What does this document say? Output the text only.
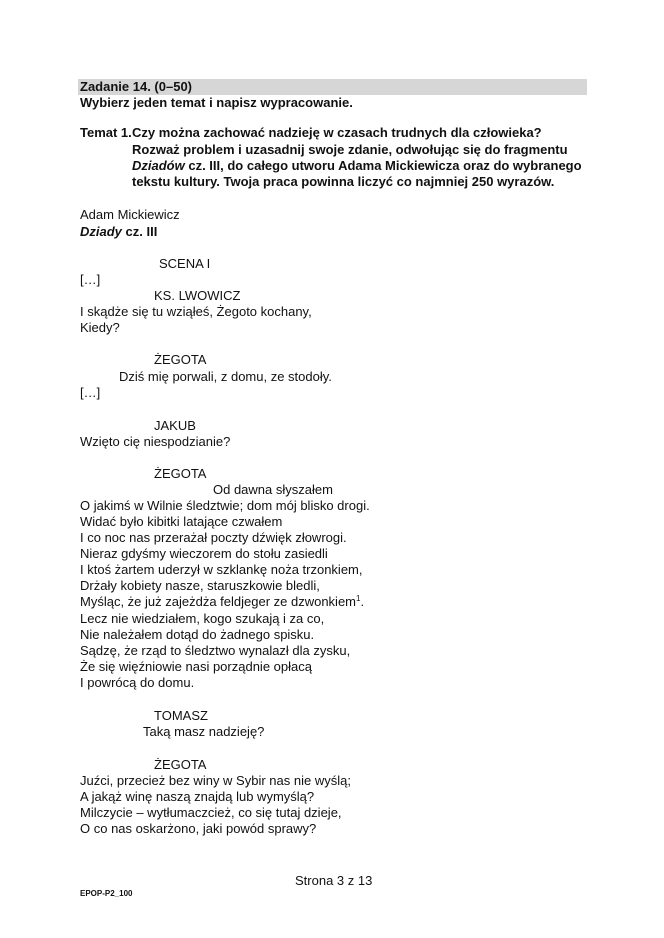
Zadanie 14. (0–50)
Wybierz jeden temat i napisz wypracowanie.
Temat 1. Czy można zachować nadzieję w czasach trudnych dla człowieka?
Rozważ problem i uzasadnij swoje zdanie, odwołując się do fragmentu
Dziadów cz. III, do całego utworu Adama Mickiewicza oraz do wybranego
tekstu kultury. Twoja praca powinna liczyć co najmniej 250 wyrazów.
Adam Mickiewicz
Dziady cz. III
SCENA I
[…]
KS. LWOWICZ
I skądże się tu wziąłeś, Żegoto kochany,
Kiedy?
ŻEGOTA
Dziś mię porwali, z domu, ze stodoły.
[…]
JAKUB
Wzięto cię niespodzianie?
ŻEGOTA
Od dawna słyszałem
O jakimś w Wilnie śledztwie; dom mój blisko drogi.
Widać było kibitki latające czwałem
I co noc nas przerażał poczty dźwięk złowrogi.
Nieraz gdyśmy wieczorem do stołu zasiedli
I ktoś żartem uderzył w szklankę noża trzonkiem,
Drżały kobiety nasze, staruszkowie bledli,
Myśląc, że już zajeżdża feldjeger ze dzwonkiem$^1$.
Lecz nie wiedziałem, kogo szukają i za co,
Nie należałem dotąd do żadnego spisku.
Sądzę, że rząd to śledztwo wynalazł dla zysku,
Że się więźniowie nasi porządnie opłacą
I powrócą do domu.
TOMASZ
Taką masz nadzieję?
ŻEGOTA
Juźci, przecież bez winy w Sybir nas nie wyślą;
A jakąż winę naszą znajdą lub wymyślą?
Milczycie – wytłumaczcież, co się tutaj dzieje,
O co nas oskarżono, jaki powód sprawy?
Strona 3 z 13
EPOP-P2_100
